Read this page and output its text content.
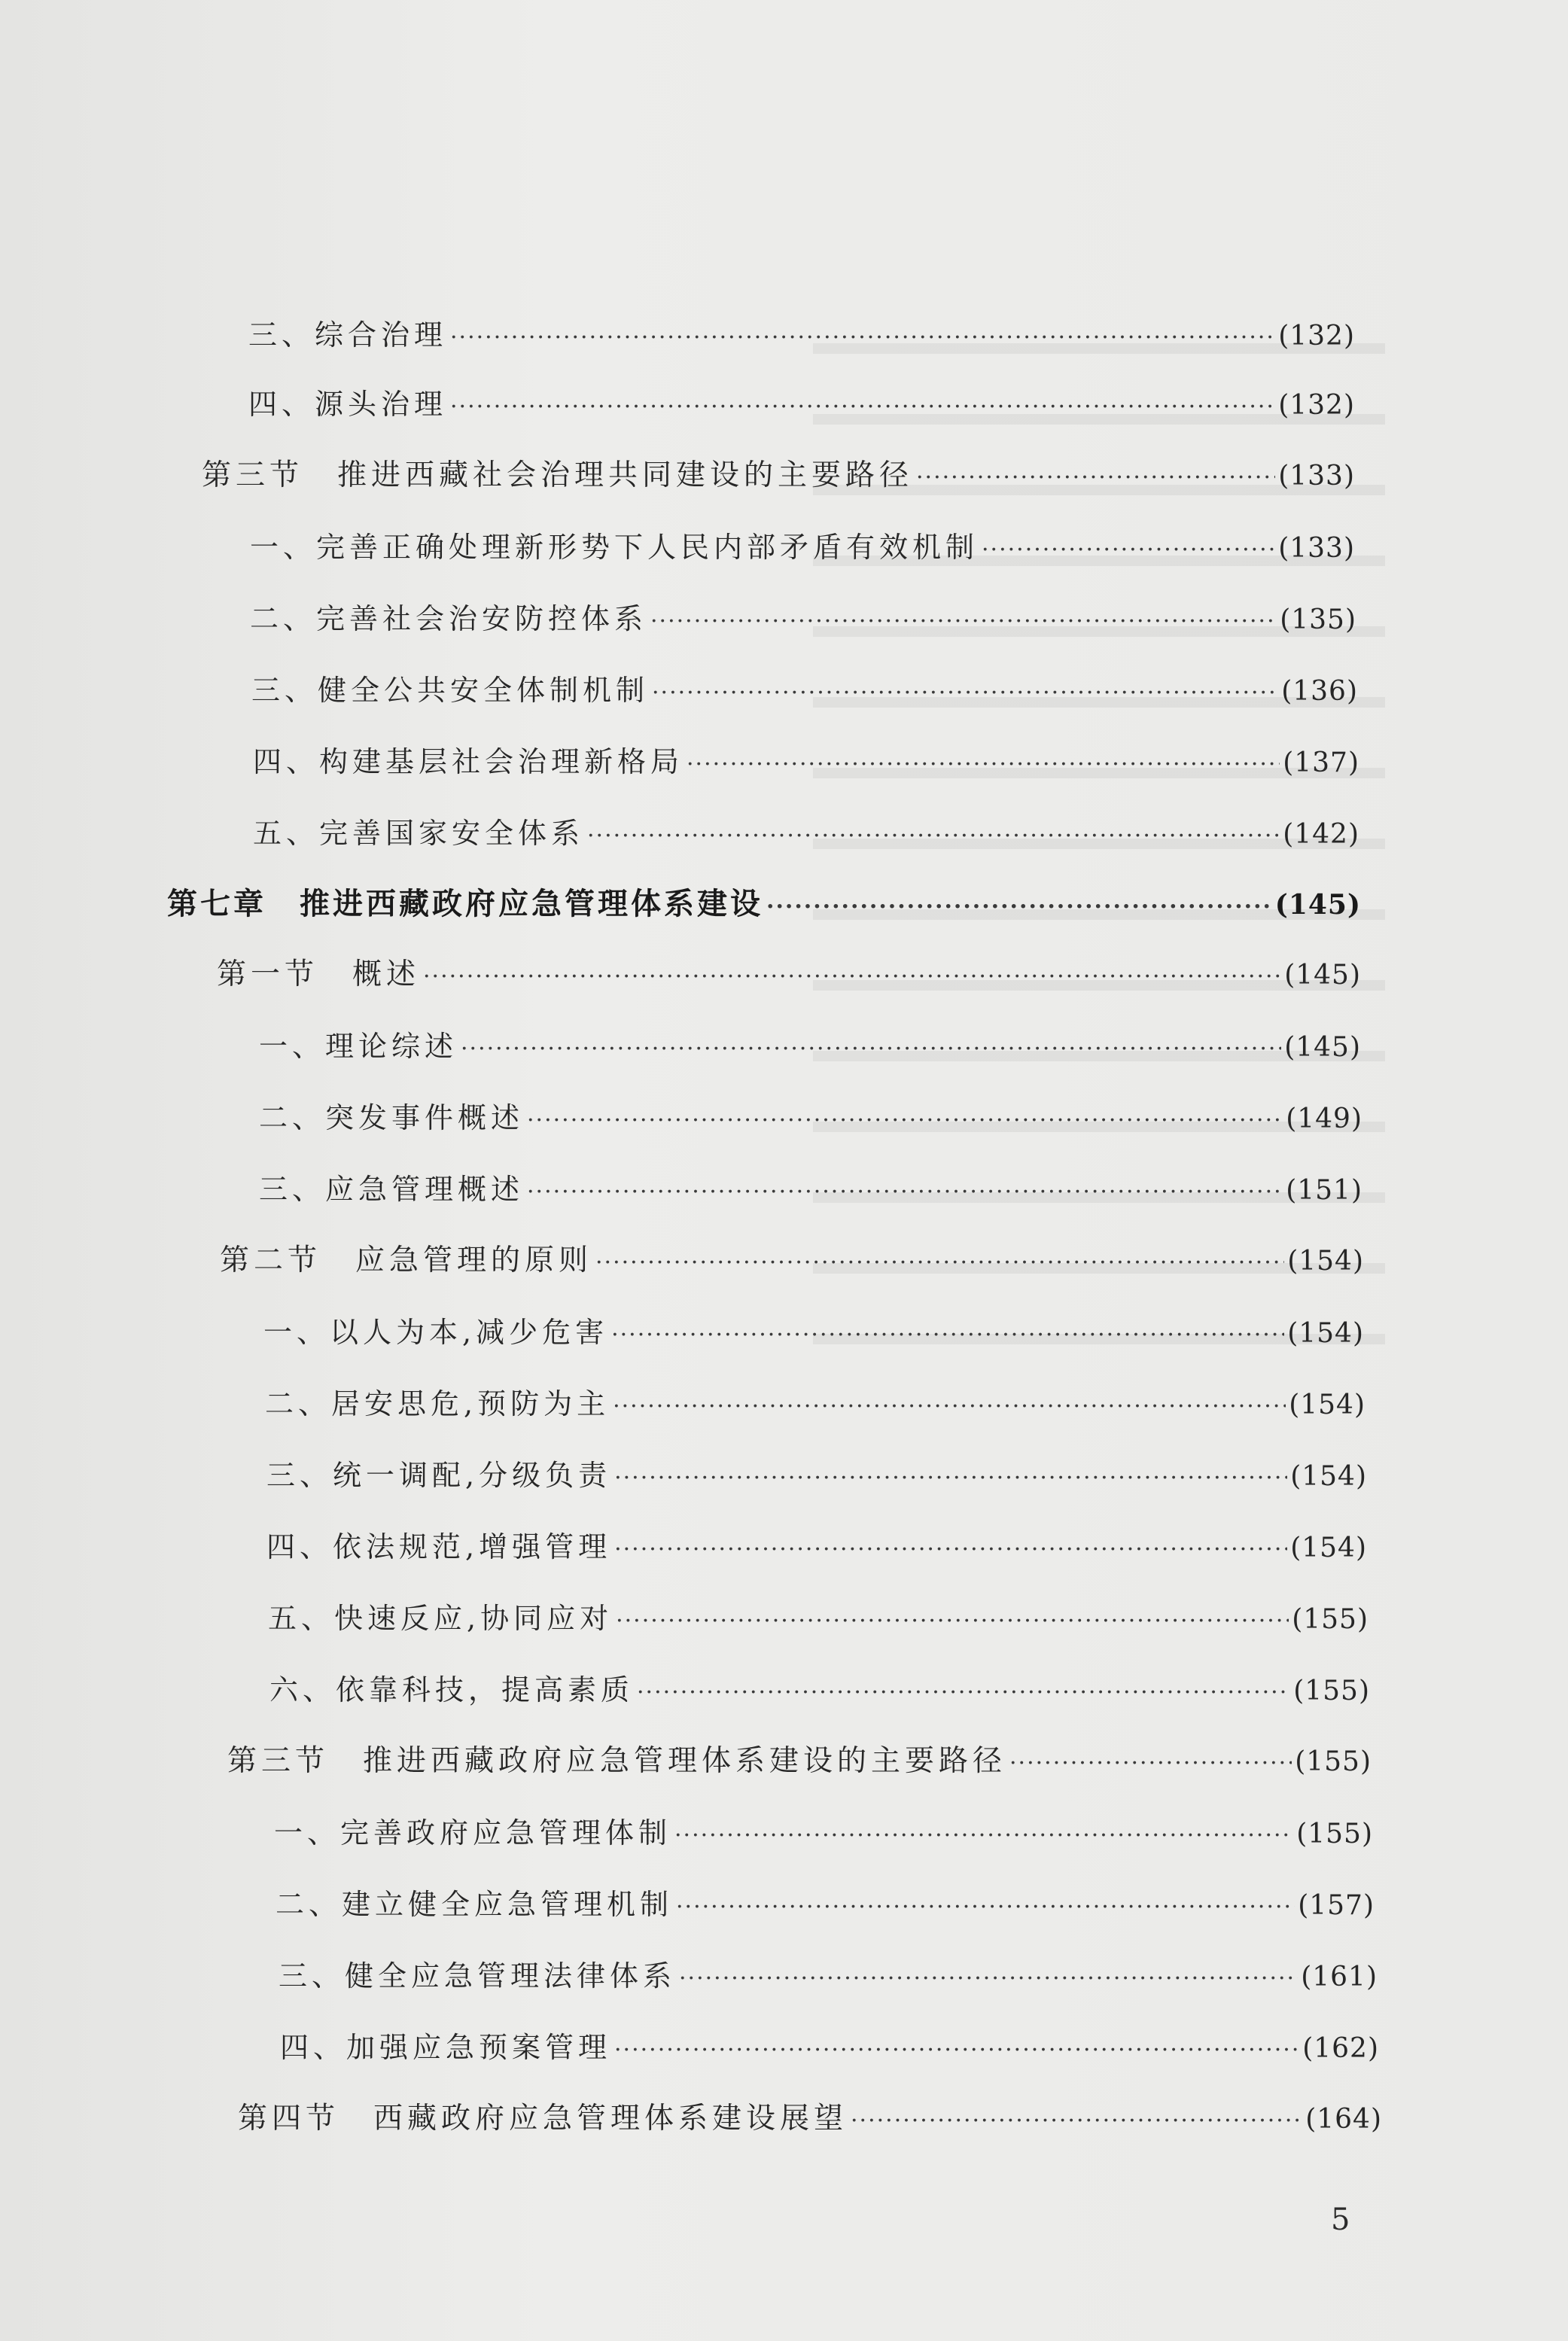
三、综合治理 ·····	(132)
四、源头治理 ·····	(132)
第三节　推进西藏社会治理共同建设的主要路径 ·····	(133)
一、完善正确处理新形势下人民内部矛盾有效机制 ·····	(133)
二、完善社会治安防控体系 ·····	(135)
三、健全公共安全体制机制 ·····	(136)
四、构建基层社会治理新格局 ·····	(137)
五、完善国家安全体系 ·····	(142)
第七章　推进西藏政府应急管理体系建设 ·····	(145)
第一节　概述 ·····	(145)
一、理论综述 ·····	(145)
二、突发事件概述 ·····	(149)
三、应急管理概述 ·····	(151)
第二节　应急管理的原则 ·····	(154)
一、以人为本,减少危害 ·····	(154)
二、居安思危,预防为主 ·····	(154)
三、统一调配,分级负责 ·····	(154)
四、依法规范,增强管理 ·····	(154)
五、快速反应,协同应对 ·····	(155)
六、依靠科技，提高素质 ·····	(155)
第三节　推进西藏政府应急管理体系建设的主要路径 ·····	(155)
一、完善政府应急管理体制 ·····	(155)
二、建立健全应急管理机制 ·····	(157)
三、健全应急管理法律体系 ·····	(161)
四、加强应急预案管理 ·····	(162)
第四节　西藏政府应急管理体系建设展望 ·····	(164)
5
